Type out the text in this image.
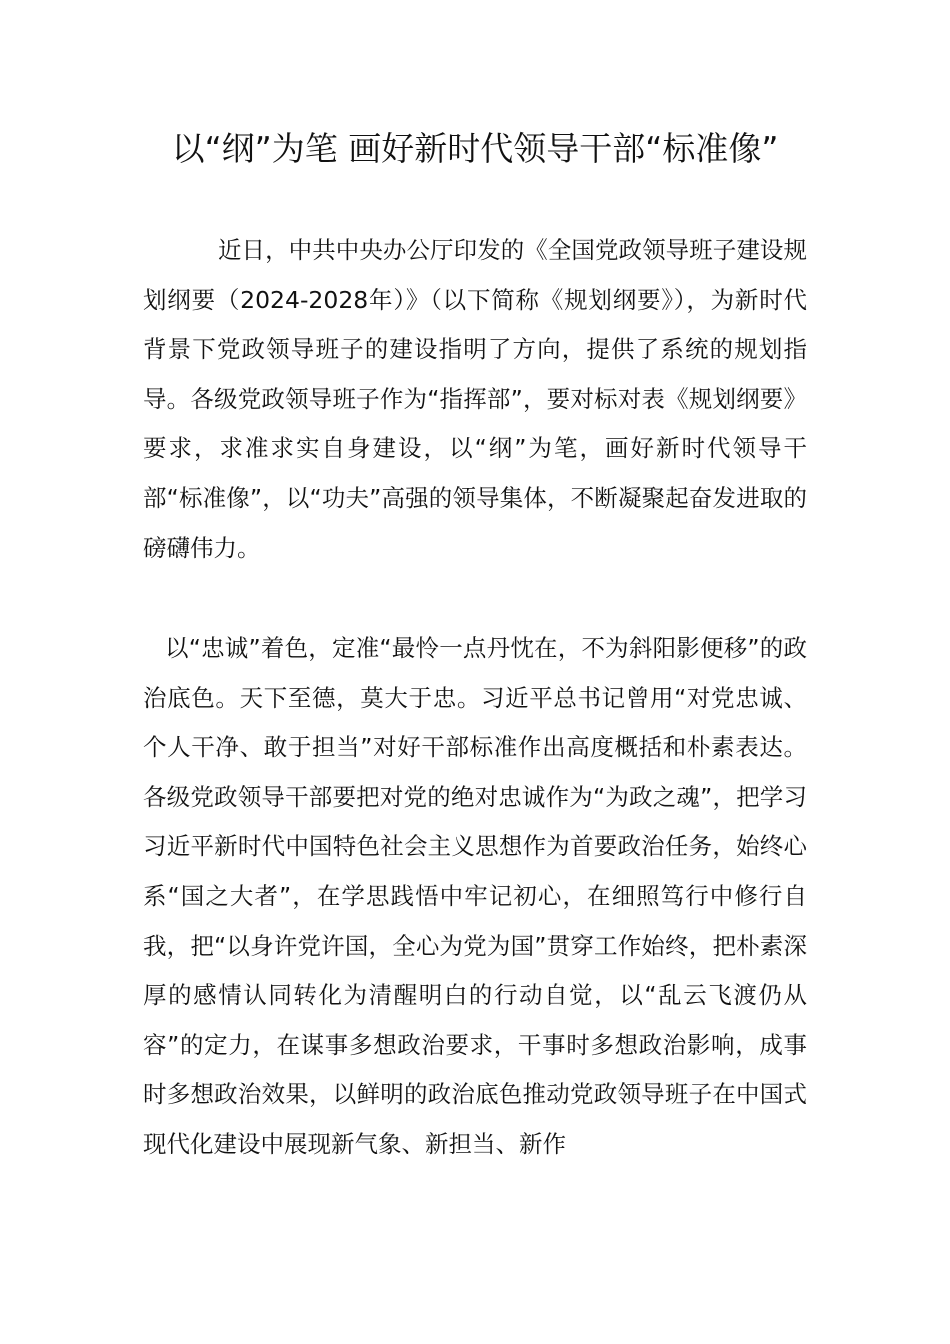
以“纲”为笔 画好新时代领导干部“标准像”

近日，中共中央办公厅印发的《全国党政领导班子建设规划纲要（2024-2028年）》（以下简称《规划纲要》），为新时代背景下党政领导班子的建设指明了方向，提供了系统的规划指导。各级党政领导班子作为“指挥部”，要对标对表《规划纲要》要求，求准求实自身建设，以“纲”为笔，画好新时代领导干部“标准像”，以“功夫”高强的领导集体，不断凝聚起奋发进取的磅礴伟力。

以“忠诚”着色，定准“最怜一点丹忱在，不为斜阳影便移”的政治底色。天下至德，莫大于忠。习近平总书记曾用“对党忠诚、个人干净、敢于担当”对好干部标准作出高度概括和朴素表达。各级党政领导干部要把对党的绝对忠诚作为“为政之魂”，把学习习近平新时代中国特色社会主义思想作为首要政治任务，始终心系“国之大者”，在学思践悟中牢记初心，在细照笃行中修行自我，把“以身许党许国，全心为党为国”贯穿工作始终，把朴素深厚的感情认同转化为清醒明白的行动自觉，以“乱云飞渡仍从容”的定力，在谋事多想政治要求，干事时多想政治影响，成事时多想政治效果，以鲜明的政治底色推动党政领导班子在中国式现代化建设中展现新气象、新担当、新作
